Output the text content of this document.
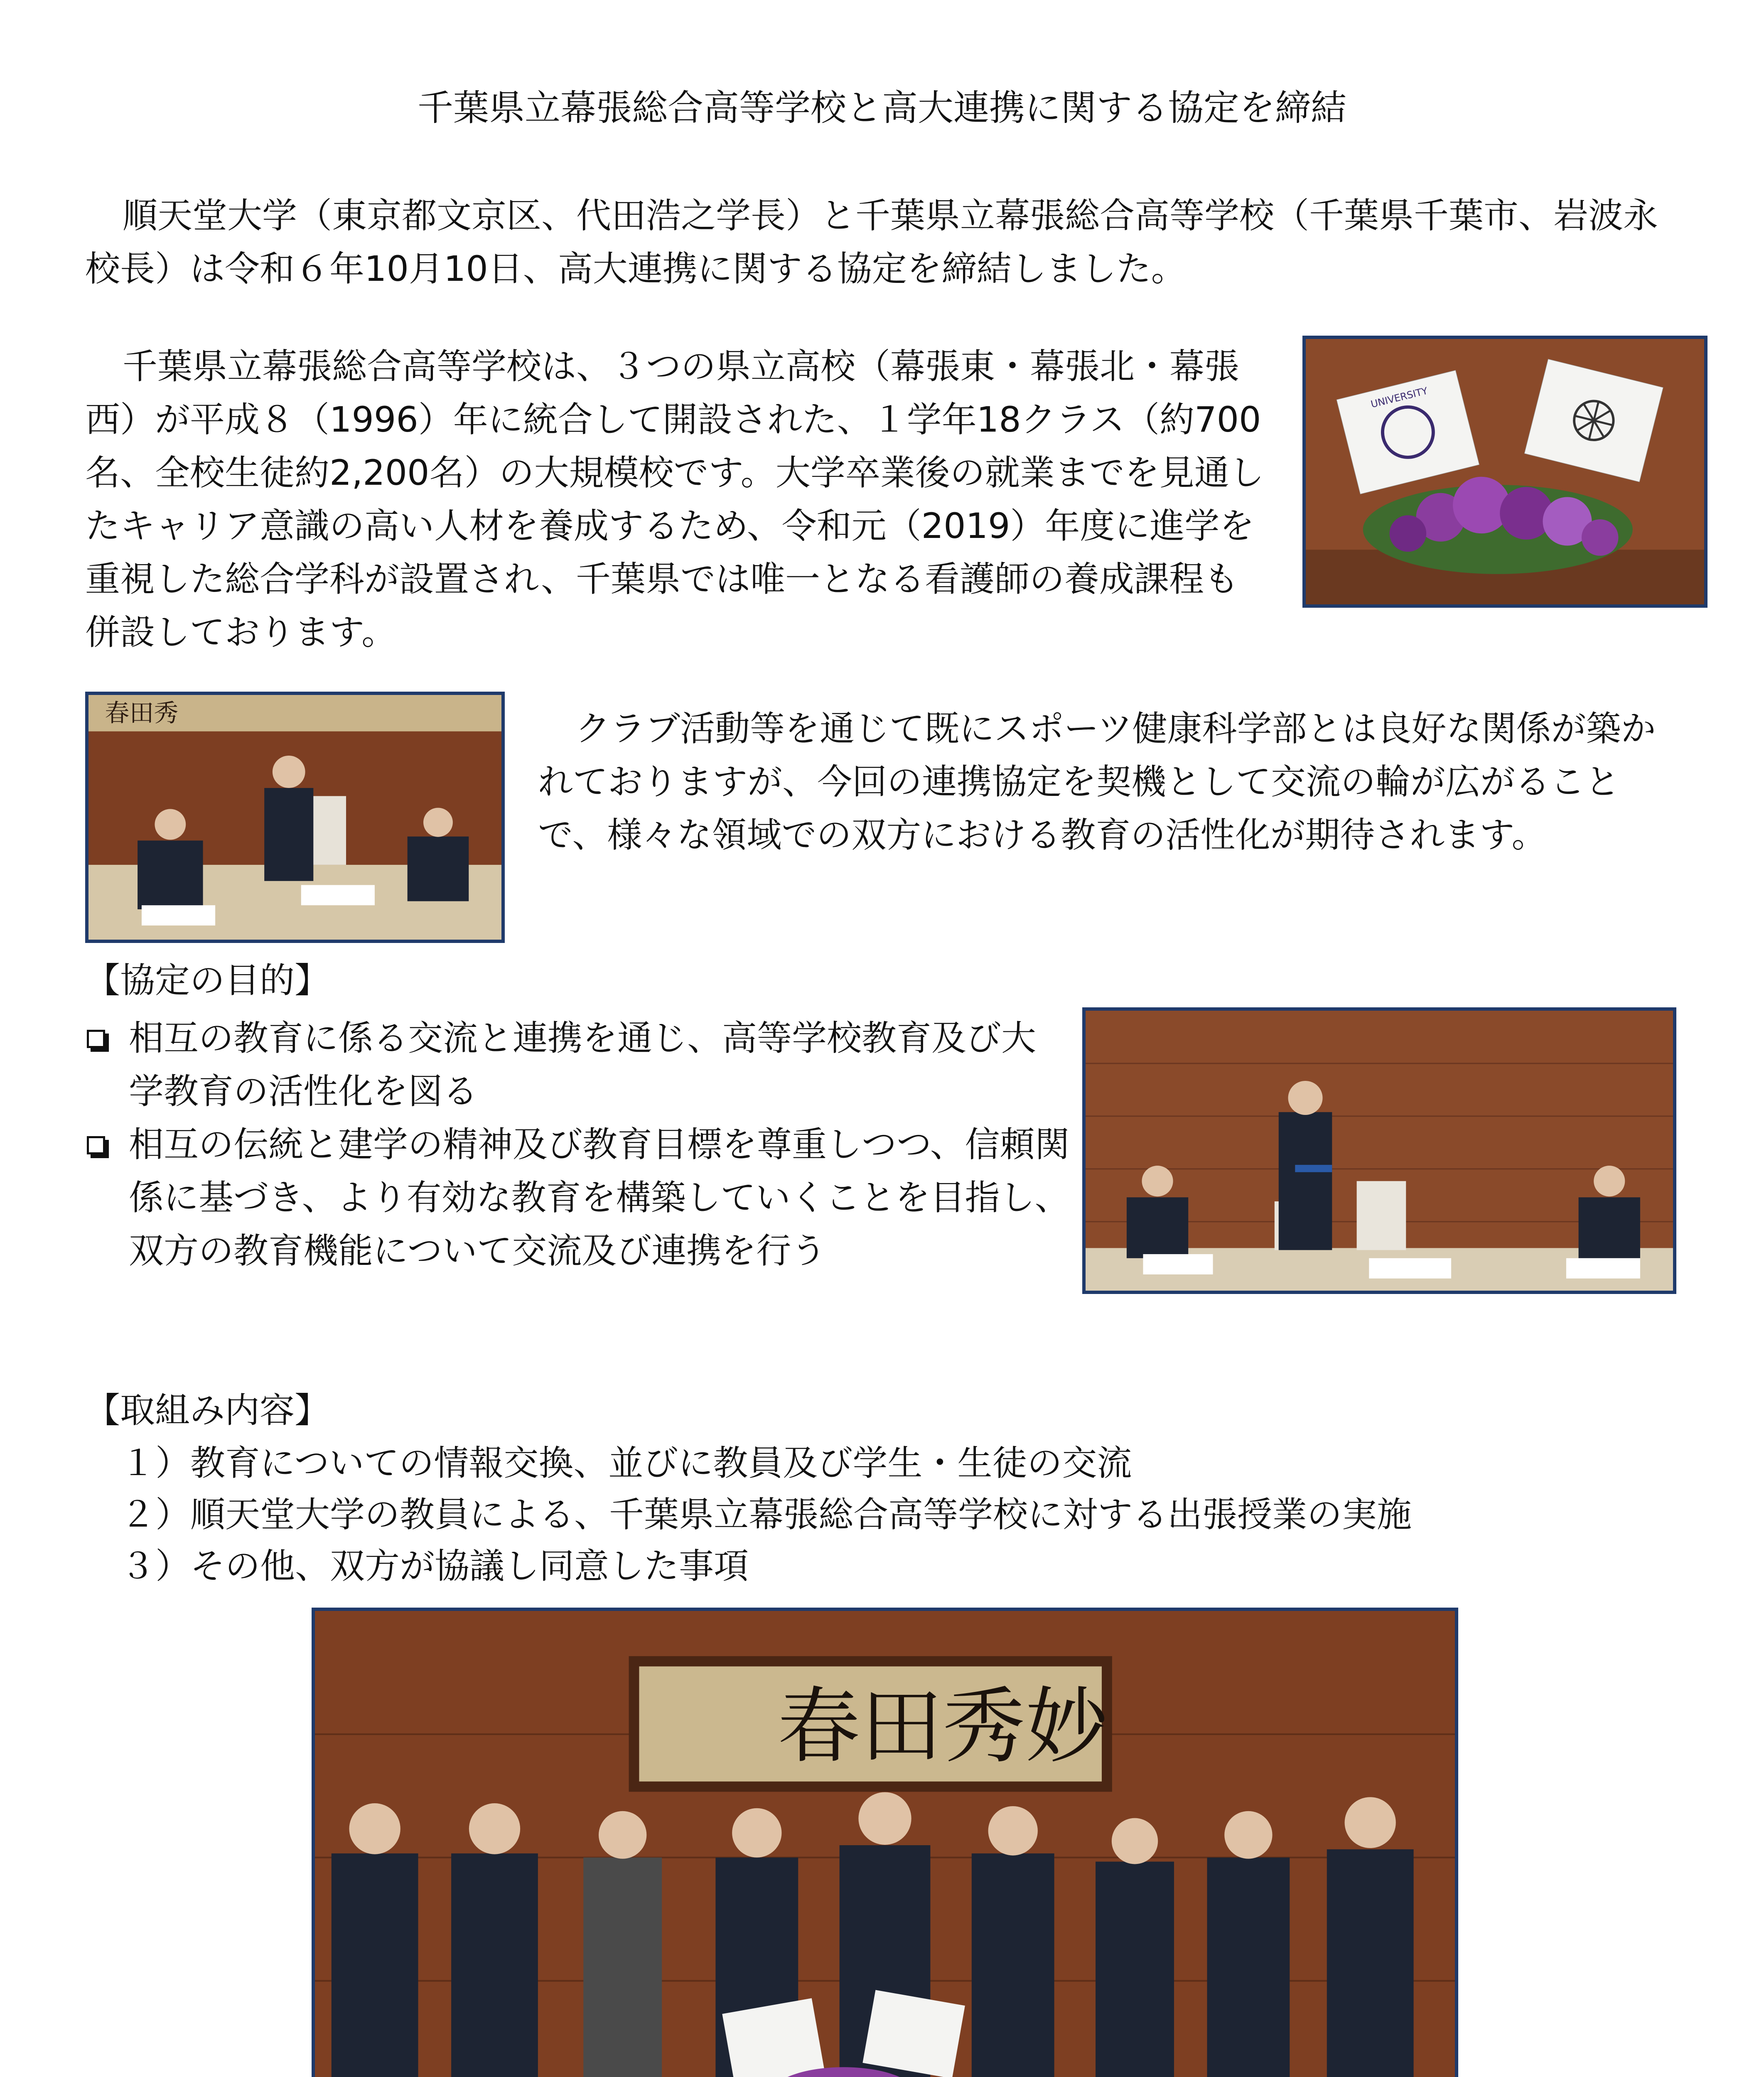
千葉県立幕張総合高等学校と高大連携に関する協定を締結

順天堂大学（東京都文京区、代田浩之学長）と千葉県立幕張総合高等学校（千葉県千葉市、岩波永校長）は令和６年10月10日、高大連携に関する協定を締結しました。

千葉県立幕張総合高等学校は、３つの県立高校（幕張東・幕張北・幕張西）が平成８（1996）年に統合して開設された、１学年18クラス（約700名、全校生徒約2,200名）の大規模校です。大学卒業後の就業までを見通したキャリア意識の高い人材を養成するため、令和元（2019）年度に進学を重視した総合学科が設置され、千葉県では唯一となる看護師の養成課程も併設しております。

UNIVERSITY
春田秀	クラブ活動等を通じて既にスポーツ健康科学部とは良好な関係が築かれておりますが、今回の連携協定を契機として交流の輪が広がることで、様々な領域での双方における教育の活性化が期待されます。

【協定の目的】
相互の教育に係る交流と連携を通じ、高等学校教育及び大学教育の活性化を図る
相互の伝統と建学の精神及び教育目標を尊重しつつ、信頼関係に基づき、より有効な教育を構築していくことを目指し、双方の教育機能について交流及び連携を行う
【取組み内容】
１）教育についての情報交換、並びに教員及び学生・生徒の交流
２）順天堂大学の教員による、千葉県立幕張総合高等学校に対する出張授業の実施
３）その他、双方が協議し同意した事項
春田秀妙
